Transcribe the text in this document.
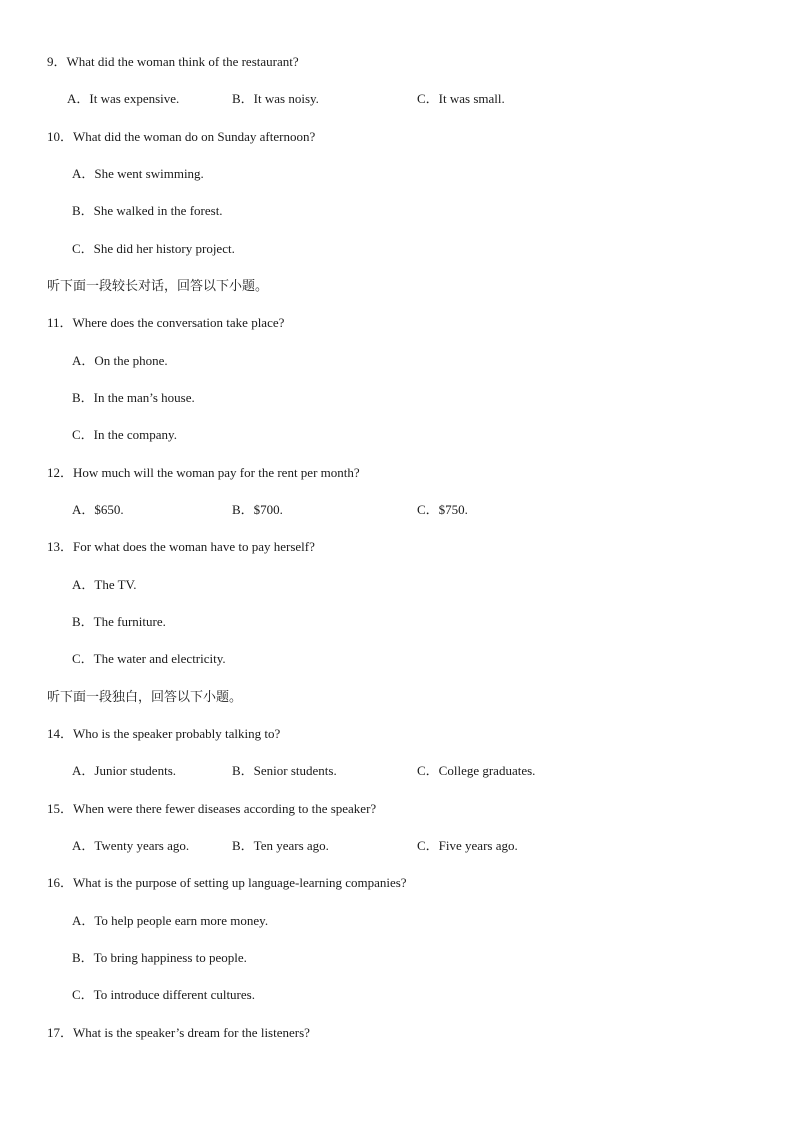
9．What did the woman think of the restaurant?
A．It was expensive.	B．It was noisy.	C．It was small.
10．What did the woman do on Sunday afternoon?
A．She went swimming.
B．She walked in the forest.
C．She did her history project.
听下面一段较长对话，回答以下小题。
11．Where does the conversation take place?
A．On the phone.
B．In the man’s house.
C．In the company.
12．How much will the woman pay for the rent per month?
A．$650.	B．$700.	C．$750.
13．For what does the woman have to pay herself?
A．The TV.
B．The furniture.
C．The water and electricity.
听下面一段独白，回答以下小题。
14．Who is the speaker probably talking to?
A．Junior students.	B．Senior students.	C．College graduates.
15．When were there fewer diseases according to the speaker?
A．Twenty years ago.	B．Ten years ago.	C．Five years ago.
16．What is the purpose of setting up language-learning companies?
A．To help people earn more money.
B．To bring happiness to people.
C．To introduce different cultures.
17．What is the speaker’s dream for the listeners?
